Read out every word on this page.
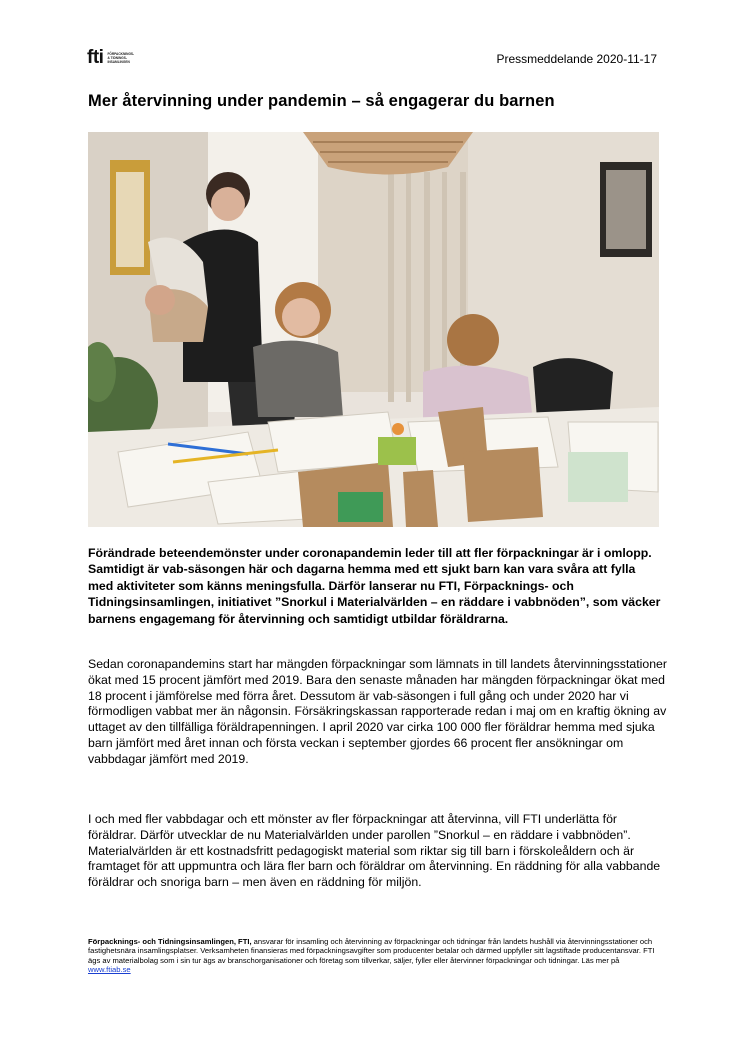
fti FÖRPACKNINGS-
& TIDNINGS-
INSAMLINGEN	Pressmeddelande 2020-11-17
Mer återvinning under pandemin – så engagerar du barnen

Förändrade beteendemönster under coronapandemin leder till att fler förpackningar är i omlopp. Samtidigt är vab-säsongen här och dagarna hemma med ett sjukt barn kan vara svåra att fylla med aktiviteter som känns meningsfulla. Därför lanserar nu FTI, Förpacknings- och Tidningsinsamlingen, initiativet ”Snorkul i Materialvärlden – en räddare i vabbnöden”, som väcker barnens engagemang för återvinning och samtidigt utbildar föräldrarna.

Sedan coronapandemins start har mängden förpackningar som lämnats in till landets återvinningsstationer ökat med 15 procent jämfört med 2019. Bara den senaste månaden har mängden förpackningar ökat med 18 procent i jämförelse med förra året. Dessutom är vab-säsongen i full gång och under 2020 har vi förmodligen vabbat mer än någonsin. Försäkringskassan rapporterade redan i maj om en kraftig ökning av uttaget av den tillfälliga föräldrapenningen. I april 2020 var cirka 100 000 fler föräldrar hemma med sjuka barn jämfört med året innan och första veckan i september gjordes 66 procent fler ansökningar om vabbdagar jämfört med 2019.

I och med fler vabbdagar och ett mönster av fler förpackningar att återvinna, vill FTI underlätta för föräldrar. Därför utvecklar de nu Materialvärlden under parollen ”Snorkul – en räddare i vabbnöden”. Materialvärlden är ett kostnadsfritt pedagogiskt material som riktar sig till barn i förskoleåldern och är framtaget för att uppmuntra och lära fler barn och föräldrar om återvinning. En räddning för alla vabbande föräldrar och snoriga barn – men även en räddning för miljön.

Förpacknings- och Tidningsinsamlingen, FTI, ansvarar för insamling och återvinning av förpackningar och tidningar från landets hushåll via återvinningsstationer och fastighetsnära insamlingsplatser. Verksamheten finansieras med förpackningsavgifter som producenter betalar och därmed uppfyller sitt lagstiftade producentansvar. FTI ägs av materialbolag som i sin tur ägs av branschorganisationer och företag som tillverkar, säljer, fyller eller återvinner förpackningar och tidningar. Läs mer på www.ftiab.se
